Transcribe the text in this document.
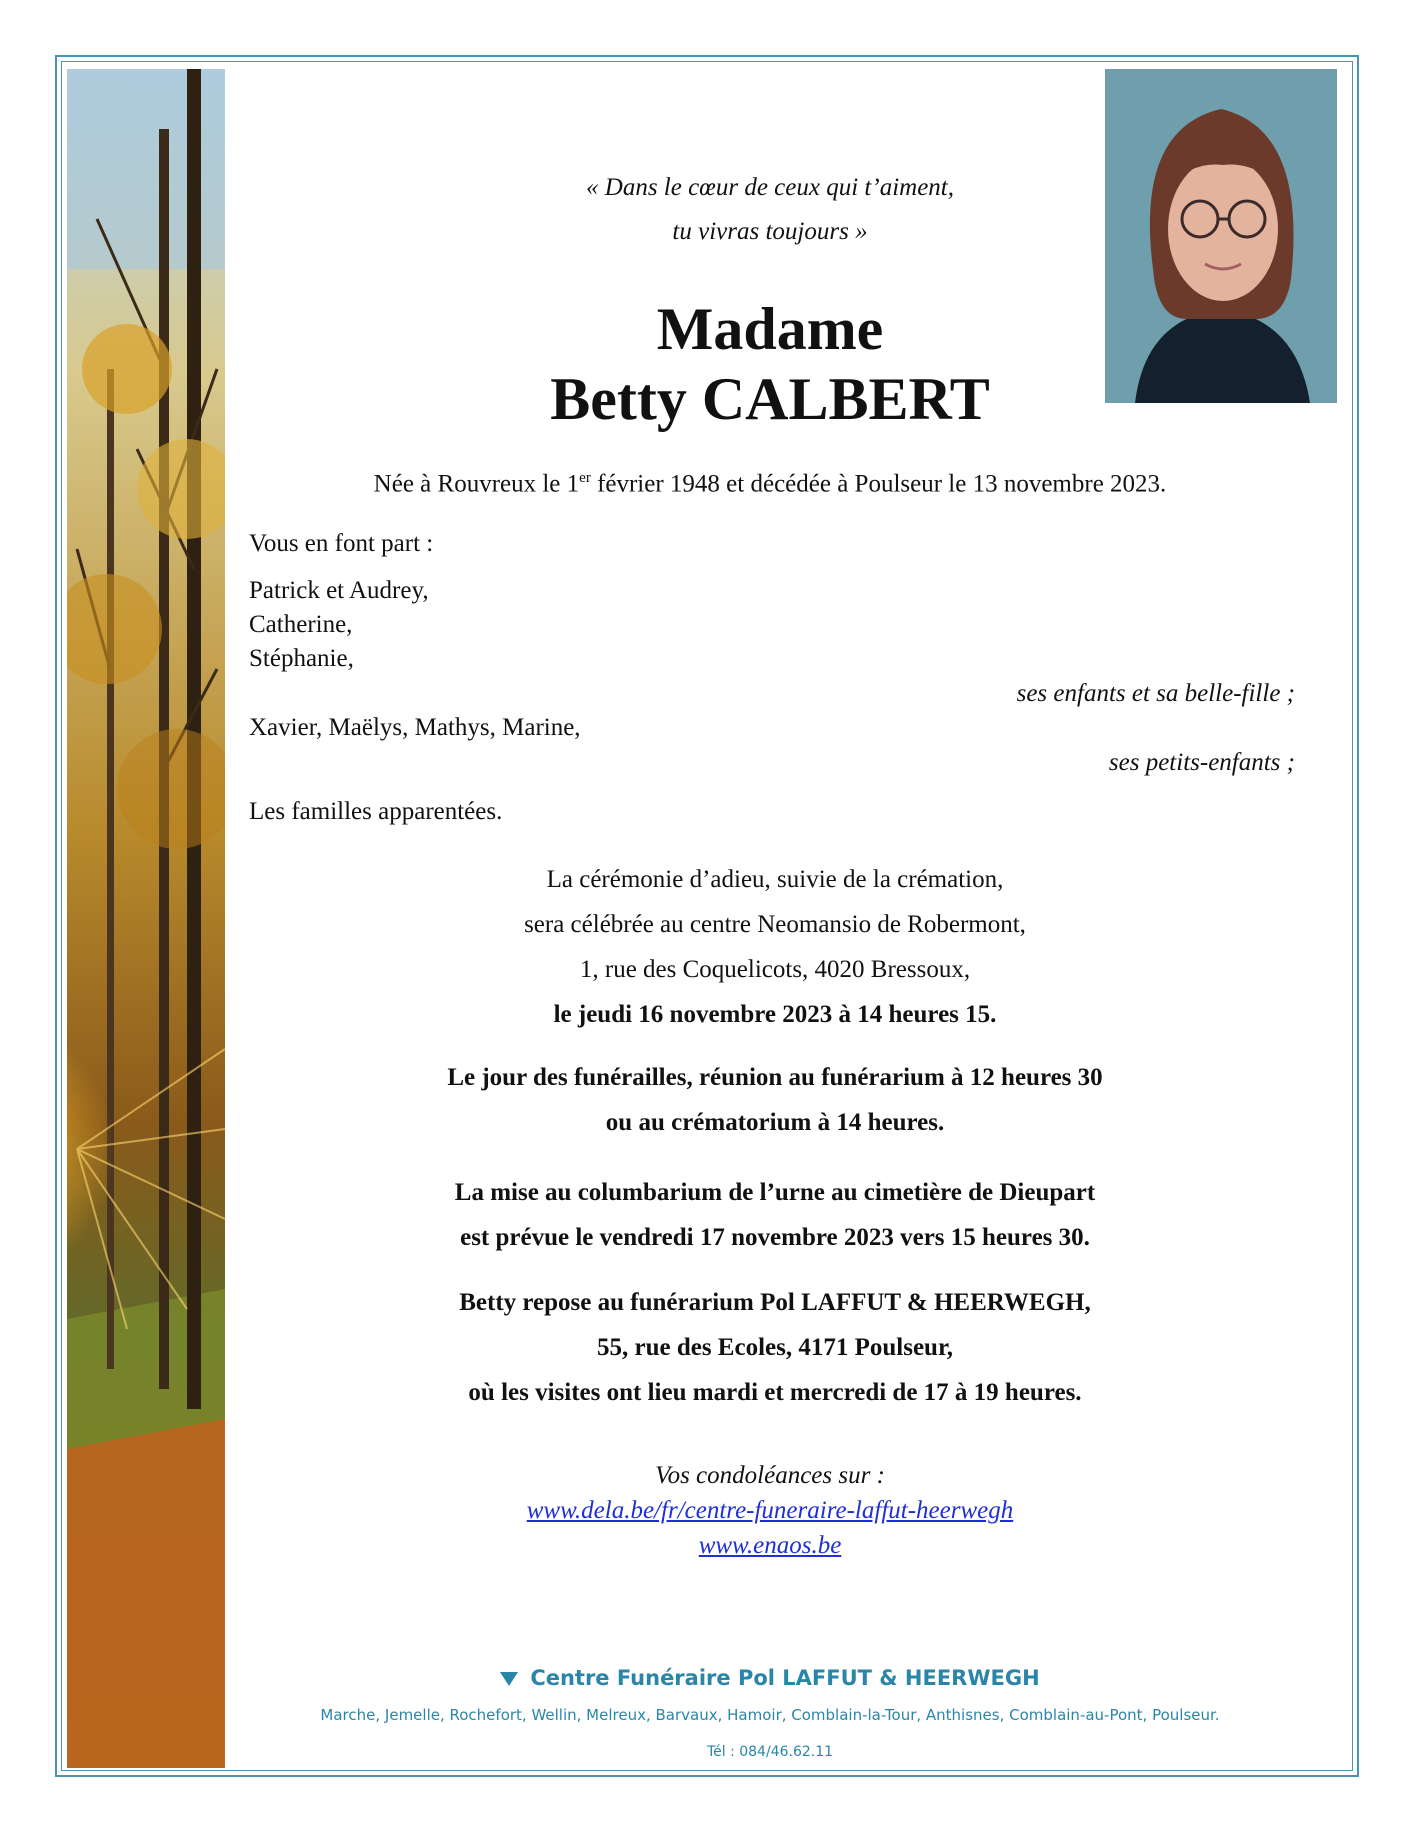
« Dans le cœur de ceux qui t’aiment,
tu vivras toujours »
Madame
Betty CALBERT
Née à Rouvreux le 1er février 1948 et décédée à Poulseur le 13 novembre 2023.
Vous en font part :
Patrick et Audrey,
Catherine,
Stéphanie,
ses enfants et sa belle-fille ;
Xavier, Maëlys, Mathys, Marine,
ses petits-enfants ;
Les familles apparentées.
La cérémonie d’adieu, suivie de la crémation,
sera célébrée au centre Neomansio de Robermont,
1, rue des Coquelicots, 4020 Bressoux,
le jeudi 16 novembre 2023 à 14 heures 15.
Le jour des funérailles, réunion au funérarium à 12 heures 30
ou au crématorium à 14 heures.
La mise au columbarium de l’urne au cimetière de Dieupart
est prévue le vendredi 17 novembre 2023 vers 15 heures 30.
Betty repose au funérarium Pol LAFFUT & HEERWEGH,
55, rue des Ecoles, 4171 Poulseur,
où les visites ont lieu mardi et mercredi de 17 à 19 heures.
Vos condoléances sur :
www.dela.be/fr/centre-funeraire-laffut-heerwegh
www.enaos.be
Centre Funéraire Pol LAFFUT & HEERWEGH
Marche, Jemelle, Rochefort, Wellin, Melreux, Barvaux, Hamoir, Comblain-la-Tour, Anthisnes, Comblain-au-Pont, Poulseur.
Tél : 084/46.62.11
